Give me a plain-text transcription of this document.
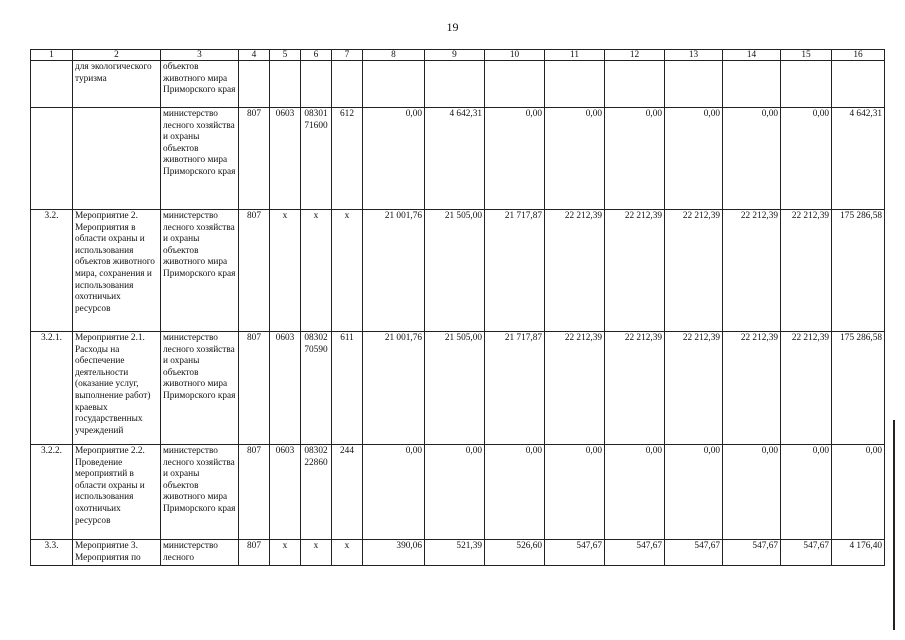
19
1	2	3	4	5	6	7	8	9	10	11	12	13	14	15	16
	для экологического туризма	объектов животного мира Приморского края													
		министерство лесного хозяйства и охраны объектов животного мира Приморского края	807	0603	08301 71600	612	0,00	4 642,31	0,00	0,00	0,00	0,00	0,00	0,00	4 642,31
3.2.	Мероприятие 2. Мероприятия в области охраны и использования объектов животного мира, сохранения и использования охотничьих ресурсов	министерство лесного хозяйства и охраны объектов животного мира Приморского края	807	x	x	x	21 001,76	21 505,00	21 717,87	22 212,39	22 212,39	22 212,39	22 212,39	22 212,39	175 286,58
3.2.1.	Мероприятие 2.1. Расходы на обеспечение деятельности (оказание услуг, выполнение работ) краевых государственных учреждений	министерство лесного хозяйства и охраны объектов животного мира Приморского края	807	0603	08302 70590	611	21 001,76	21 505,00	21 717,87	22 212,39	22 212,39	22 212,39	22 212,39	22 212,39	175 286,58
3.2.2.	Мероприятие 2.2. Проведение мероприятий в области охраны и использования охотничьих ресурсов	министерство лесного хозяйства и охраны объектов животного мира Приморского края	807	0603	08302 22860	244	0,00	0,00	0,00	0,00	0,00	0,00	0,00	0,00	0,00
3.3.	Мероприятие 3. Мероприятия по	министерство лесного	807	x	x	x	390,06	521,39	526,60	547,67	547,67	547,67	547,67	547,67	4 176,40
